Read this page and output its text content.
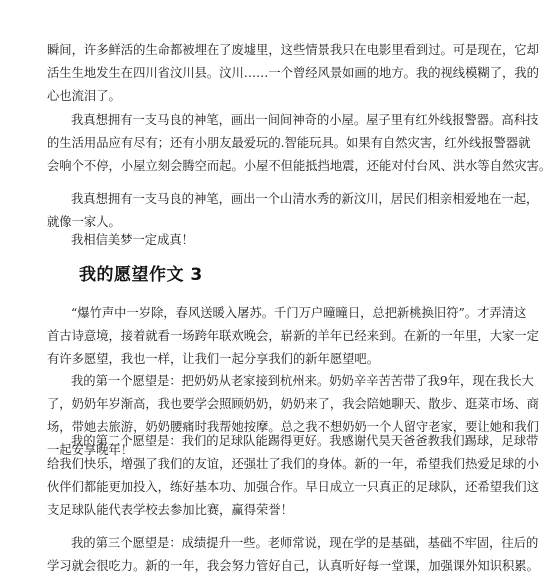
瞬间，许多鲜活的生命都被埋在了废墟里，这些情景我只在电影里看到过。可是现在，它却
活生生地发生在四川省汶川县。汶川……一个曾经风景如画的地方。我的视线模糊了，我的
心也流泪了。
我真想拥有一支马良的神笔，画出一间间神奇的小屋。屋子里有红外线报警器。高科技
的生活用品应有尽有；还有小朋友最爱玩的.智能玩具。如果有自然灾害，红外线报警器就
会响个不停，小屋立刻会腾空而起。小屋不但能抵挡地震，还能对付台风、洪水等自然灾害。
我真想拥有一支马良的神笔，画出一个山清水秀的新汶川，居民们相亲相爱地在一起，
就像一家人。
我相信美梦一定成真！
我的愿望作文 3
“爆竹声中一岁除，春风送暖入屠苏。千门万户曈曈日，总把新桃换旧符”。才弄清这
首古诗意境，接着就看一场跨年联欢晚会，崭新的羊年已经来到。在新的一年里，大家一定
有许多愿望，我也一样，让我们一起分享我们的新年愿望吧。
我的第一个愿望是：把奶奶从老家接到杭州来。奶奶辛辛苦苦带了我9年，现在我长大
了，奶奶年岁渐高，我也要学会照顾奶奶，奶奶来了，我会陪她聊天、散步、逛菜市场、商
场，带她去旅游，奶奶腰痛时我帮她按摩。总之我不想奶奶一个人留守老家，要让她和我们
一起安享晚年！
我的第二个愿望是：我们的足球队能踢得更好。我感谢代昊天爸爸教我们踢球，足球带
给我们快乐，增强了我们的友谊，还强壮了我们的身体。新的一年，希望我们热爱足球的小
伙伴们都能更加投入，练好基本功、加强合作。早日成立一只真正的足球队，还希望我们这
支足球队能代表学校去参加比赛，赢得荣誉！
我的第三个愿望是：成绩提升一些。老师常说，现在学的是基础，基础不牢固，往后的
学习就会很吃力。新的一年，我会努力管好自己，认真听好每一堂课，加强课外知识积累。
